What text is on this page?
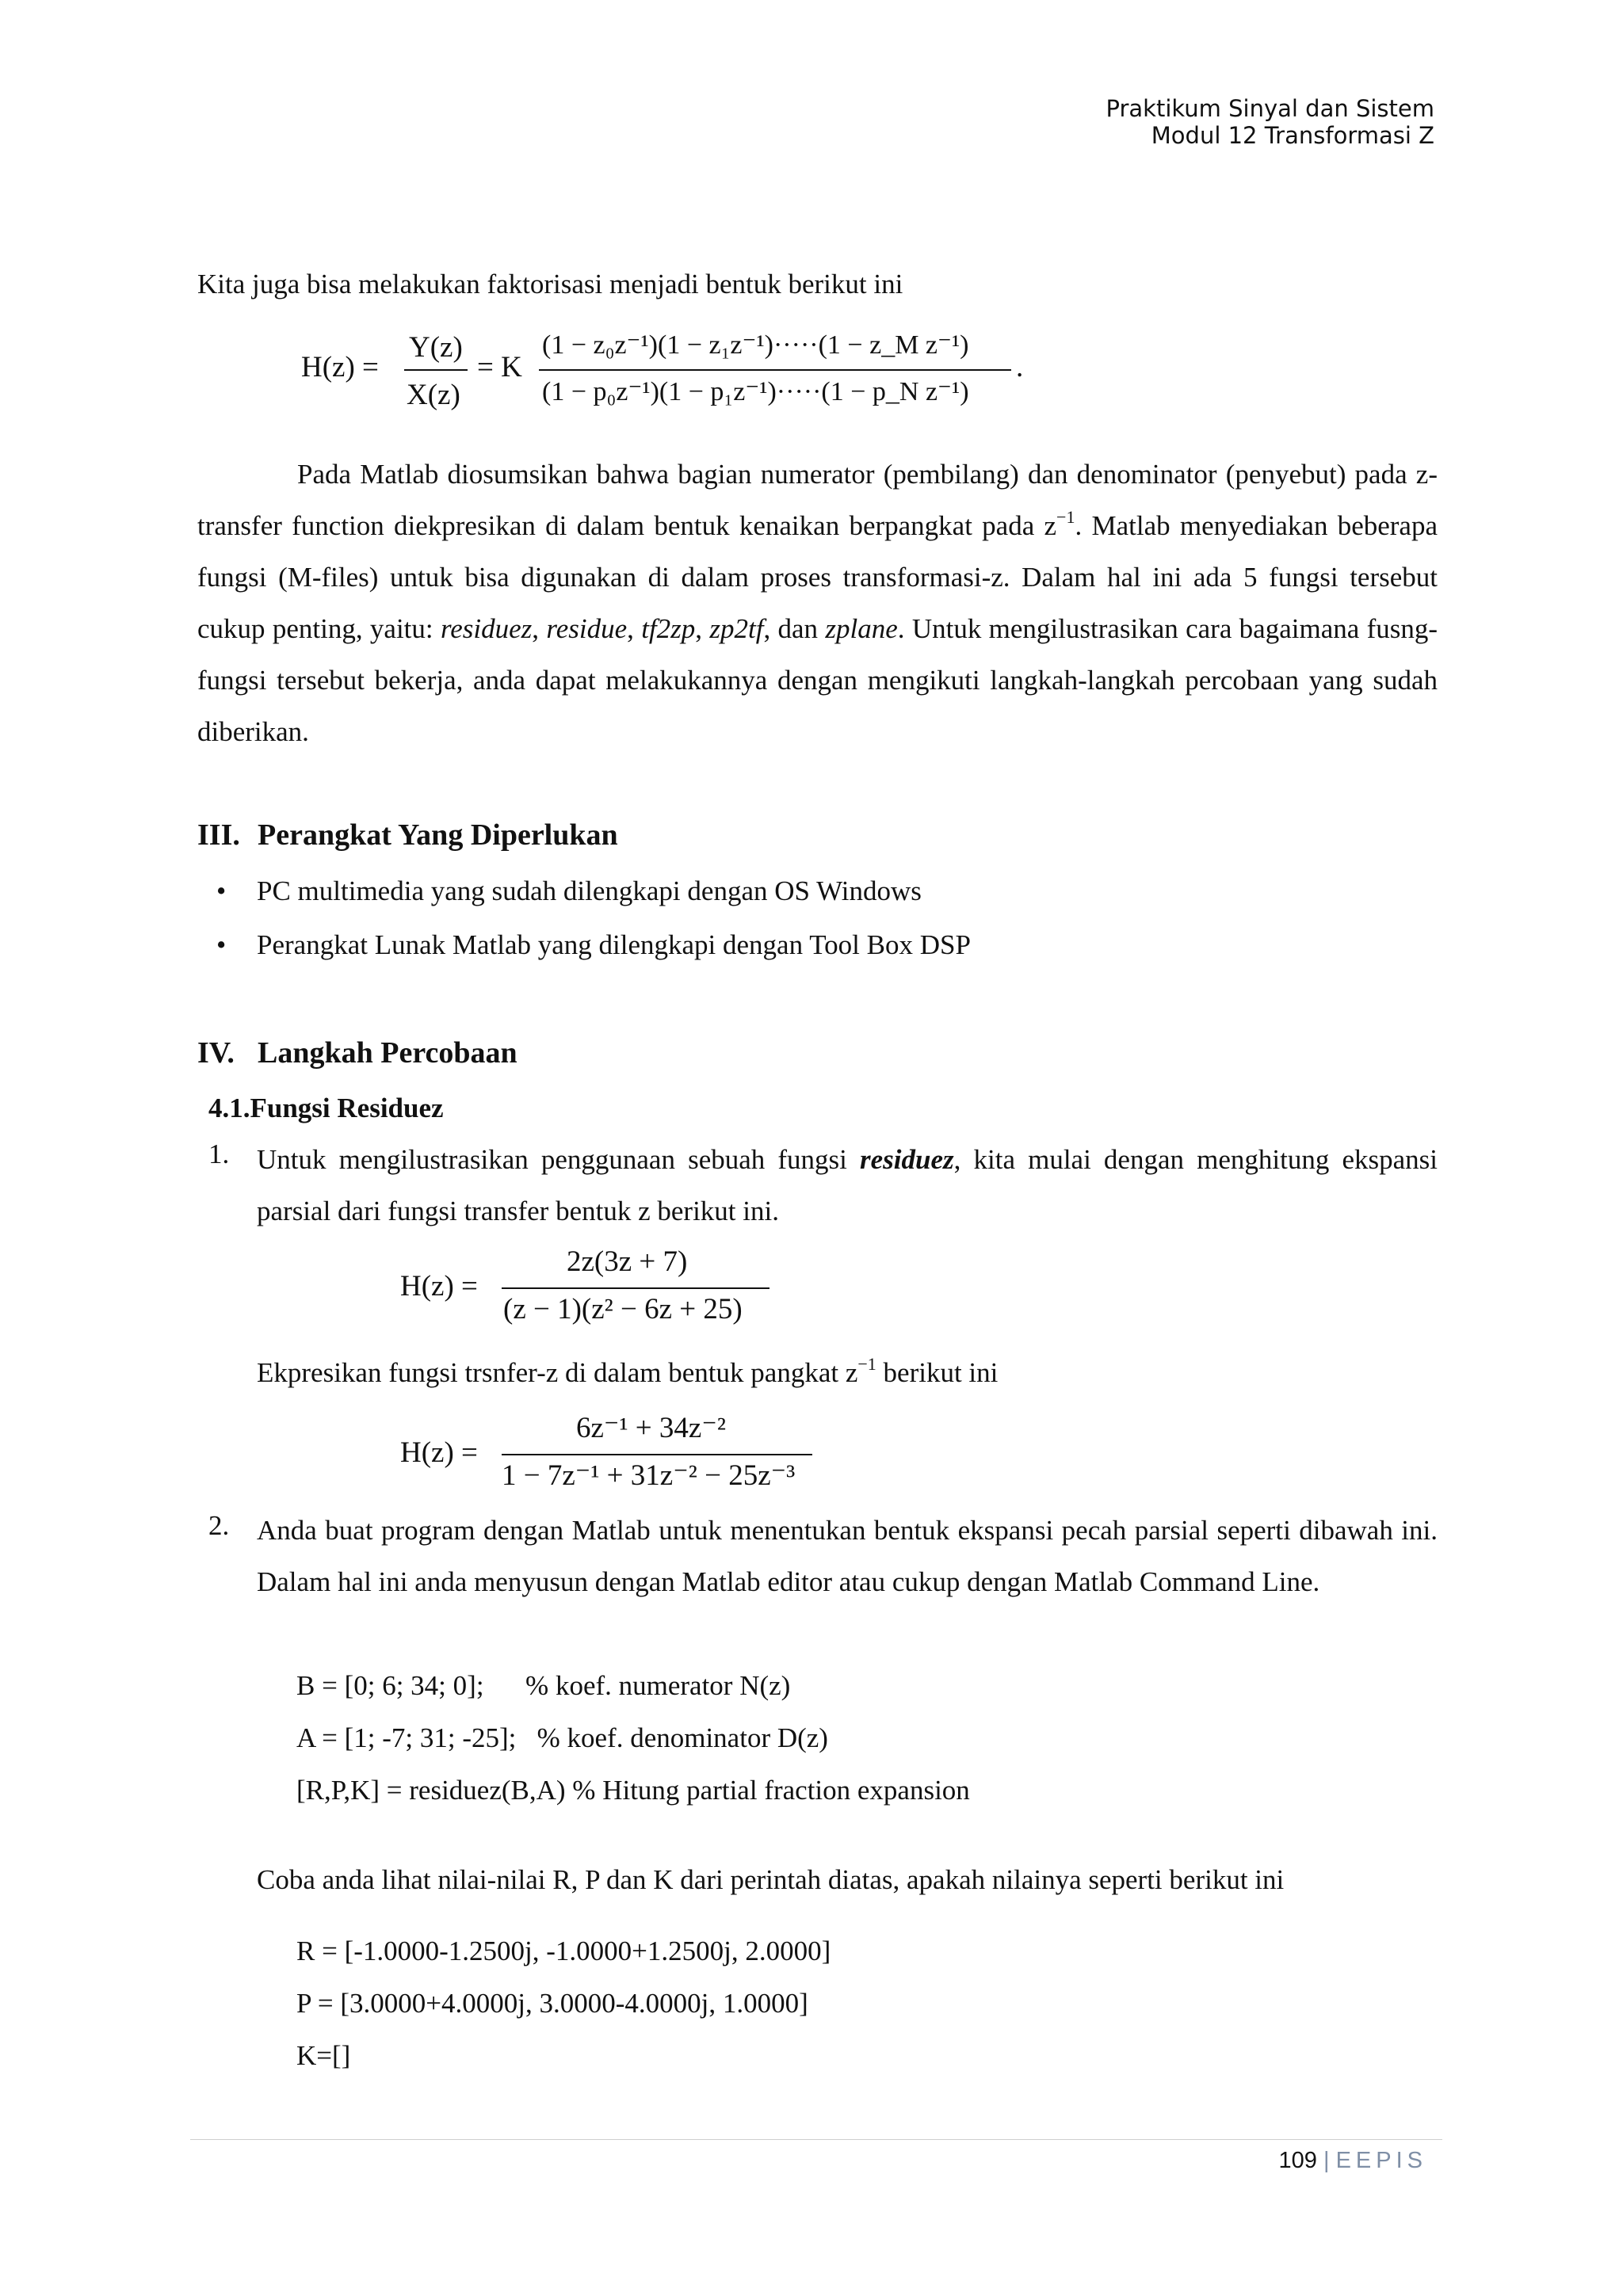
Praktikum Sinyal dan Sistem
Modul 12 Transformasi Z
Kita juga bisa melakukan faktorisasi menjadi bentuk berikut ini
H(z) =
Y(z)
X(z)
= K
(1 − z₀z⁻¹)(1 − z₁z⁻¹)·····(1 − z_M z⁻¹)
(1 − p₀z⁻¹)(1 − p₁z⁻¹)·····(1 − p_N z⁻¹)
.
Pada Matlab diosumsikan bahwa bagian numerator (pembilang) dan denominator (penyebut) pada z-transfer function diekpresikan di dalam bentuk kenaikan berpangkat pada $z^{-1}$. Matlab menyediakan beberapa fungsi (M-files) untuk bisa digunakan di dalam proses transformasi-z. Dalam hal ini ada 5 fungsi tersebut cukup penting, yaitu: residuez, residue, tf2zp, zp2tf, dan zplane. Untuk mengilustrasikan cara bagaimana fusng-fungsi tersebut bekerja, anda dapat melakukannya dengan mengikuti langkah-langkah percobaan yang sudah diberikan.
III. Perangkat Yang Diperlukan
• PC multimedia yang sudah dilengkapi dengan OS Windows
• Perangkat Lunak Matlab yang dilengkapi dengan Tool Box DSP
IV. Langkah Percobaan
4.1.Fungsi Residuez
1. Untuk mengilustrasikan penggunaan sebuah fungsi residuez, kita mulai dengan menghitung ekspansi parsial dari fungsi transfer bentuk z berikut ini.
H(z) =
2z(3z + 7)
(z − 1)(z² − 6z + 25)
Ekpresikan fungsi trsnfer-z di dalam bentuk pangkat $z^{-1}$ berikut ini
H(z) =
6z⁻¹ + 34z⁻²
1 − 7z⁻¹ + 31z⁻² − 25z⁻³
2. Anda buat program dengan Matlab untuk menentukan bentuk ekspansi pecah parsial seperti dibawah ini. Dalam hal ini anda menyusun dengan Matlab editor atau cukup dengan Matlab Command Line.
B = [0; 6; 34; 0];      % koef. numerator N(z)
A = [1; -7; 31; -25];   % koef. denominator D(z)
[R,P,K] = residuez(B,A) % Hitung partial fraction expansion
Coba anda lihat nilai-nilai R, P dan K dari perintah diatas, apakah nilainya seperti berikut ini
R = [-1.0000-1.2500j, -1.0000+1.2500j, 2.0000]
P = [3.0000+4.0000j, 3.0000-4.0000j, 1.0000]
K=[]
109 | EEPIS
